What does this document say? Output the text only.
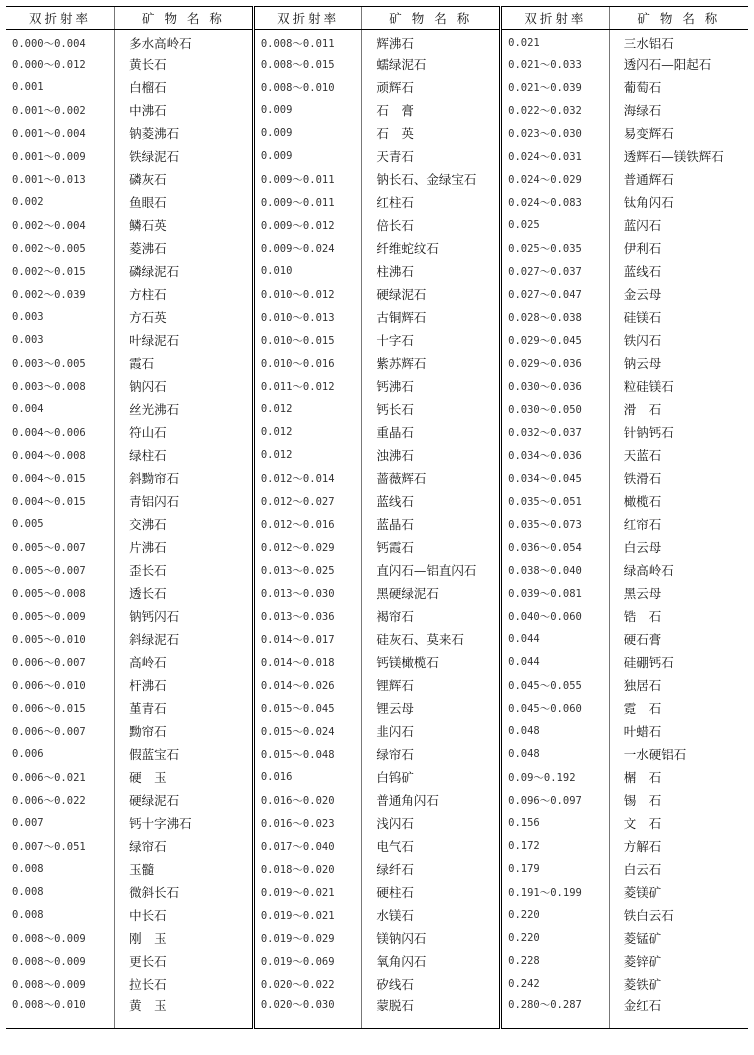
双折射率	矿 物 名 称	双折射率	矿 物 名 称	双折射率	矿 物 名 称
0.000～0.004	多水高岭石	0.008～0.011	辉沸石	0.021	三水铝石
0.000～0.012	黄长石	0.008～0.015	蠕绿泥石	0.021～0.033	透闪石—阳起石
0.001	白榴石	0.008～0.010	顽辉石	0.021～0.039	葡萄石
0.001～0.002	中沸石	0.009	石　膏	0.022～0.032	海绿石
0.001～0.004	钠菱沸石	0.009	石　英	0.023～0.030	易变辉石
0.001～0.009	铁绿泥石	0.009	天青石	0.024～0.031	透辉石—镁铁辉石
0.001～0.013	磷灰石	0.009～0.011	钠长石、金绿宝石	0.024～0.029	普通辉石
0.002	鱼眼石	0.009～0.011	红柱石	0.024～0.083	钛角闪石
0.002～0.004	鳞石英	0.009～0.012	倍长石	0.025	蓝闪石
0.002～0.005	菱沸石	0.009～0.024	纤维蛇纹石	0.025～0.035	伊利石
0.002～0.015	磷绿泥石	0.010	柱沸石	0.027～0.037	蓝线石
0.002～0.039	方柱石	0.010～0.012	硬绿泥石	0.027～0.047	金云母
0.003	方石英	0.010～0.013	古铜辉石	0.028～0.038	硅镁石
0.003	叶绿泥石	0.010～0.015	十字石	0.029～0.045	铁闪石
0.003～0.005	霞石	0.010～0.016	紫苏辉石	0.029～0.036	钠云母
0.003～0.008	钠闪石	0.011～0.012	钙沸石	0.030～0.036	粒硅镁石
0.004	丝光沸石	0.012	钙长石	0.030～0.050	滑　石
0.004～0.006	符山石	0.012	重晶石	0.032～0.037	针钠钙石
0.004～0.008	绿柱石	0.012	浊沸石	0.034～0.036	天蓝石
0.004～0.015	斜黝帘石	0.012～0.014	蔷薇辉石	0.034～0.045	铁滑石
0.004～0.015	青铝闪石	0.012～0.027	蓝线石	0.035～0.051	橄榄石
0.005	交沸石	0.012～0.016	蓝晶石	0.035～0.073	红帘石
0.005～0.007	片沸石	0.012～0.029	钙霞石	0.036～0.054	白云母
0.005～0.007	歪长石	0.013～0.025	直闪石—铝直闪石	0.038～0.040	绿高岭石
0.005～0.008	透长石	0.013～0.030	黑硬绿泥石	0.039～0.081	黑云母
0.005～0.009	钠钙闪石	0.013～0.036	褐帘石	0.040～0.060	锆　石
0.005～0.010	斜绿泥石	0.014～0.017	硅灰石、莫来石	0.044	硬石膏
0.006～0.007	高岭石	0.014～0.018	钙镁橄榄石	0.044	硅硼钙石
0.006～0.010	杆沸石	0.014～0.026	锂辉石	0.045～0.055	独居石
0.006～0.015	堇青石	0.015～0.045	锂云母	0.045～0.060	霓　石
0.006～0.007	黝帘石	0.015～0.024	韭闪石	0.048	叶蜡石
0.006	假蓝宝石	0.015～0.048	绿帘石	0.048	一水硬铝石
0.006～0.021	硬　玉	0.016	白钨矿	0.09～0.192	榍　石
0.006～0.022	硬绿泥石	0.016～0.020	普通角闪石	0.096～0.097	锡　石
0.007	钙十字沸石	0.016～0.023	浅闪石	0.156	文　石
0.007～0.051	绿帘石	0.017～0.040	电气石	0.172	方解石
0.008	玉髓	0.018～0.020	绿纤石	0.179	白云石
0.008	微斜长石	0.019～0.021	硬柱石	0.191～0.199	菱镁矿
0.008	中长石	0.019～0.021	水镁石	0.220	铁白云石
0.008～0.009	刚　玉	0.019～0.029	镁钠闪石	0.220	菱锰矿
0.008～0.009	更长石	0.019～0.069	氧角闪石	0.228	菱锌矿
0.008～0.009	拉长石	0.020～0.022	矽线石	0.242	菱铁矿
0.008～0.010	黄　玉	0.020～0.030	蒙脱石	0.280～0.287	金红石
